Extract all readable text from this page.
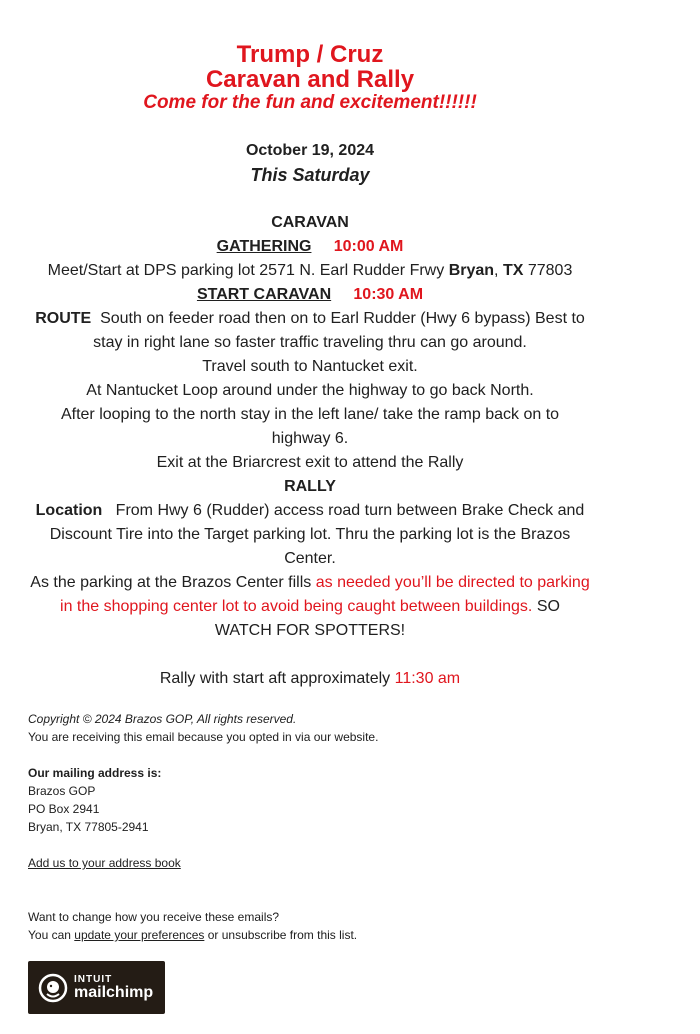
Trump / Cruz
Caravan and Rally
Come for the fun and excitement!!!!!!
October 19, 2024
This Saturday
CARAVAN
GATHERING 10:00 AM
Meet/Start at DPS parking lot 2571 N. Earl Rudder Frwy Bryan, TX 77803
START CARAVAN 10:30 AM
ROUTE South on feeder road then on to Earl Rudder (Hwy 6 bypass) Best to
stay in right lane so faster traffic traveling thru can go around.
Travel south to Nantucket exit.
At Nantucket Loop around under the highway to go back North.
After looping to the north stay in the left lane/ take the ramp back on to
highway 6.
Exit at the Briarcrest exit to attend the Rally
RALLY
Location From Hwy 6 (Rudder) access road turn between Brake Check and
Discount Tire into the Target parking lot. Thru the parking lot is the Brazos
Center.
As the parking at the Brazos Center fills as needed you’ll be directed to parking
in the shopping center lot to avoid being caught between buildings. SO
WATCH FOR SPOTTERS!
Rally with start aft approximately 11:30 am

Copyright © 2024 Brazos GOP, All rights reserved.

You are receiving this email because you opted in via our website.

Our mailing address is:

Brazos GOP

PO Box 2941

Bryan, TX 77805-2941

Add us to your address book

Want to change how you receive these emails?

You can update your preferences or unsubscribe from this list.

INTUIT
mailchimp
